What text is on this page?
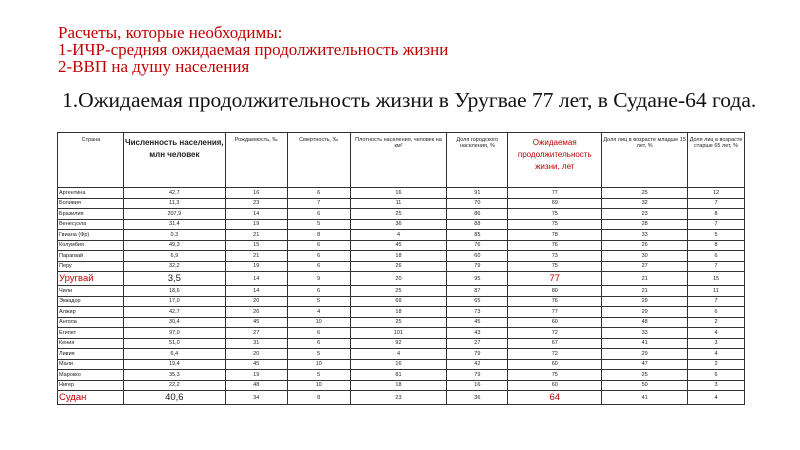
Расчеты, которые необходимы:
1-ИЧР-средняя ожидаемая продолжительность жизни
2-ВВП на душу населения
1.Ожидаемая продолжительность жизни в Уругвае 77 лет, в Судане-64 года.
Страна	Численность населения, млн человек	Рождаемость, ‰	Смертность, ‰	Плотность населения, человек на км²	Доля городского населения, %	Ожидаемая продолжительность жизни, лет	Доля лиц в возрасте младше 15 лет, %	Доля лиц в возрасте старше 65 лет, %
Аргентина	42,7	16	6	16	91	77	25	12
Боливия	11,3	23	7	11	70	69	32	7
Бразилия	207,9	14	6	25	86	75	23	8
Венесуэла	31,4	19	5	36	88	75	28	7
Гвиана (Фр)	0,3	21	8	4	85	78	33	5
Колумбия	49,3	15	6	45	76	76	26	8
Парагвай	6,9	21	6	18	60	73	30	6
Перу	32,2	19	6	26	79	75	27	7
Уругвай	3,5	14	9	20	95	77	21	15
Чили	18,6	14	6	25	87	80	21	11
Эквадор	17,0	20	5	69	65	76	29	7
Алжир	42,7	26	4	18	73	77	29	6
Ангола	30,4	45	10	25	45	60	48	2
Египет	97,0	27	6	101	43	72	33	4
Кения	51,0	31	6	92	27	67	41	3
Ливия	6,4	20	5	4	79	72	29	4
Мали	19,4	45	10	16	42	60	47	2
Марокко	35,3	19	5	81	79	75	25	6
Нигер	22,2	48	10	18	16	60	50	3
Судан	40,6	34	8	23	36	64	41	4
